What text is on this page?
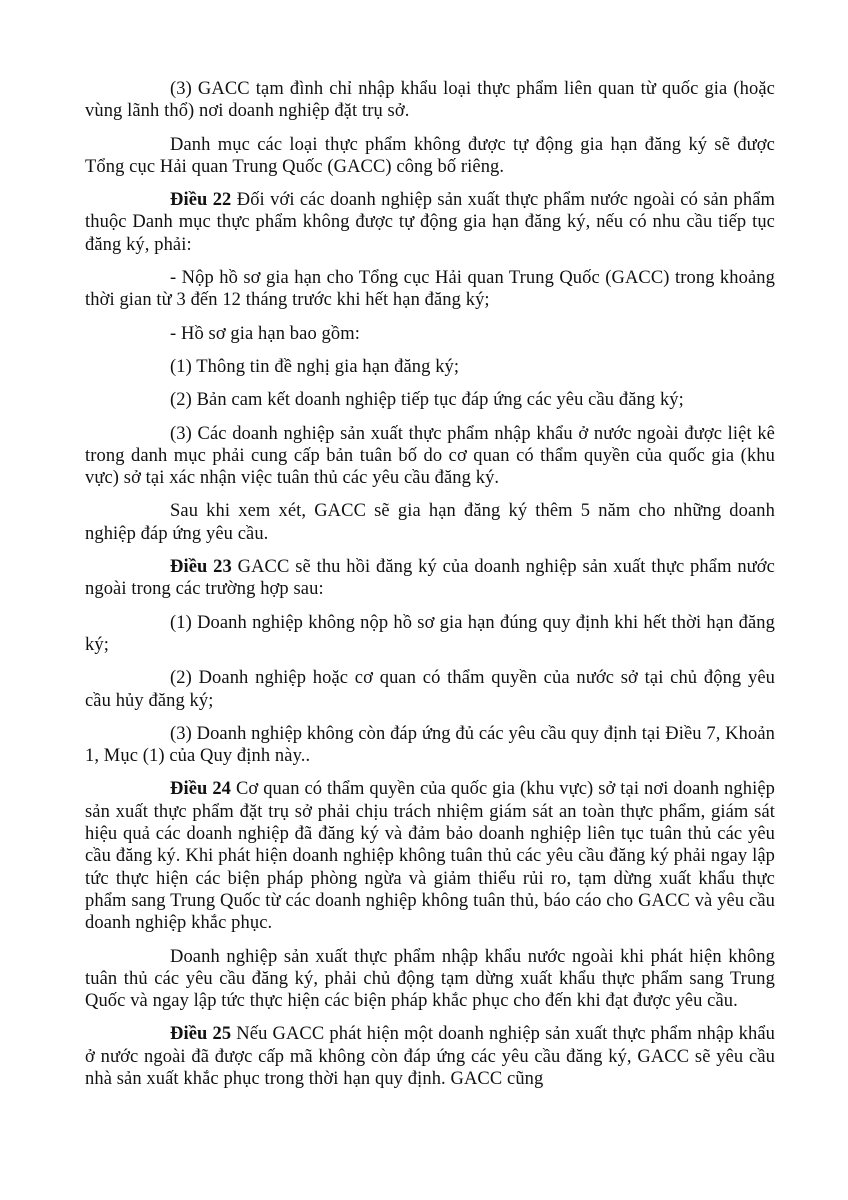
(3) GACC tạm đình chỉ nhập khẩu loại thực phẩm liên quan từ quốc gia (hoặc vùng lãnh thổ) nơi doanh nghiệp đặt trụ sở.

Danh mục các loại thực phẩm không được tự động gia hạn đăng ký sẽ được Tổng cục Hải quan Trung Quốc (GACC) công bố riêng.

Điều 22 Đối với các doanh nghiệp sản xuất thực phẩm nước ngoài có sản phẩm thuộc Danh mục thực phẩm không được tự động gia hạn đăng ký, nếu có nhu cầu tiếp tục đăng ký, phải:

- Nộp hồ sơ gia hạn cho Tổng cục Hải quan Trung Quốc (GACC) trong khoảng thời gian từ 3 đến 12 tháng trước khi hết hạn đăng ký;

- Hồ sơ gia hạn bao gồm:

(1) Thông tin đề nghị gia hạn đăng ký;

(2) Bản cam kết doanh nghiệp tiếp tục đáp ứng các yêu cầu đăng ký;

(3) Các doanh nghiệp sản xuất thực phẩm nhập khẩu ở nước ngoài được liệt kê trong danh mục phải cung cấp bản tuân bố do cơ quan có thẩm quyền của quốc gia (khu vực) sở tại xác nhận việc tuân thủ các yêu cầu đăng ký.

Sau khi xem xét, GACC sẽ gia hạn đăng ký thêm 5 năm cho những doanh nghiệp đáp ứng yêu cầu.

Điều 23 GACC sẽ thu hồi đăng ký của doanh nghiệp sản xuất thực phẩm nước ngoài trong các trường hợp sau:

(1) Doanh nghiệp không nộp hồ sơ gia hạn đúng quy định khi hết thời hạn đăng ký;

(2) Doanh nghiệp hoặc cơ quan có thẩm quyền của nước sở tại chủ động yêu cầu hủy đăng ký;

(3) Doanh nghiệp không còn đáp ứng đủ các yêu cầu quy định tại Điều 7, Khoản 1, Mục (1) của Quy định này..

Điều 24 Cơ quan có thẩm quyền của quốc gia (khu vực) sở tại nơi doanh nghiệp sản xuất thực phẩm đặt trụ sở phải chịu trách nhiệm giám sát an toàn thực phẩm, giám sát hiệu quả các doanh nghiệp đã đăng ký và đảm bảo doanh nghiệp liên tục tuân thủ các yêu cầu đăng ký. Khi phát hiện doanh nghiệp không tuân thủ các yêu cầu đăng ký phải ngay lập tức thực hiện các biện pháp phòng ngừa và giảm thiểu rủi ro, tạm dừng xuất khẩu thực phẩm sang Trung Quốc từ các doanh nghiệp không tuân thủ, báo cáo cho GACC và yêu cầu doanh nghiệp khắc phục.

Doanh nghiệp sản xuất thực phẩm nhập khẩu nước ngoài khi phát hiện không tuân thủ các yêu cầu đăng ký, phải chủ động tạm dừng xuất khẩu thực phẩm sang Trung Quốc và ngay lập tức thực hiện các biện pháp khắc phục cho đến khi đạt được yêu cầu.

Điều 25 Nếu GACC phát hiện một doanh nghiệp sản xuất thực phẩm nhập khẩu ở nước ngoài đã được cấp mã không còn đáp ứng các yêu cầu đăng ký, GACC sẽ yêu cầu nhà sản xuất khắc phục trong thời hạn quy định. GACC cũng
